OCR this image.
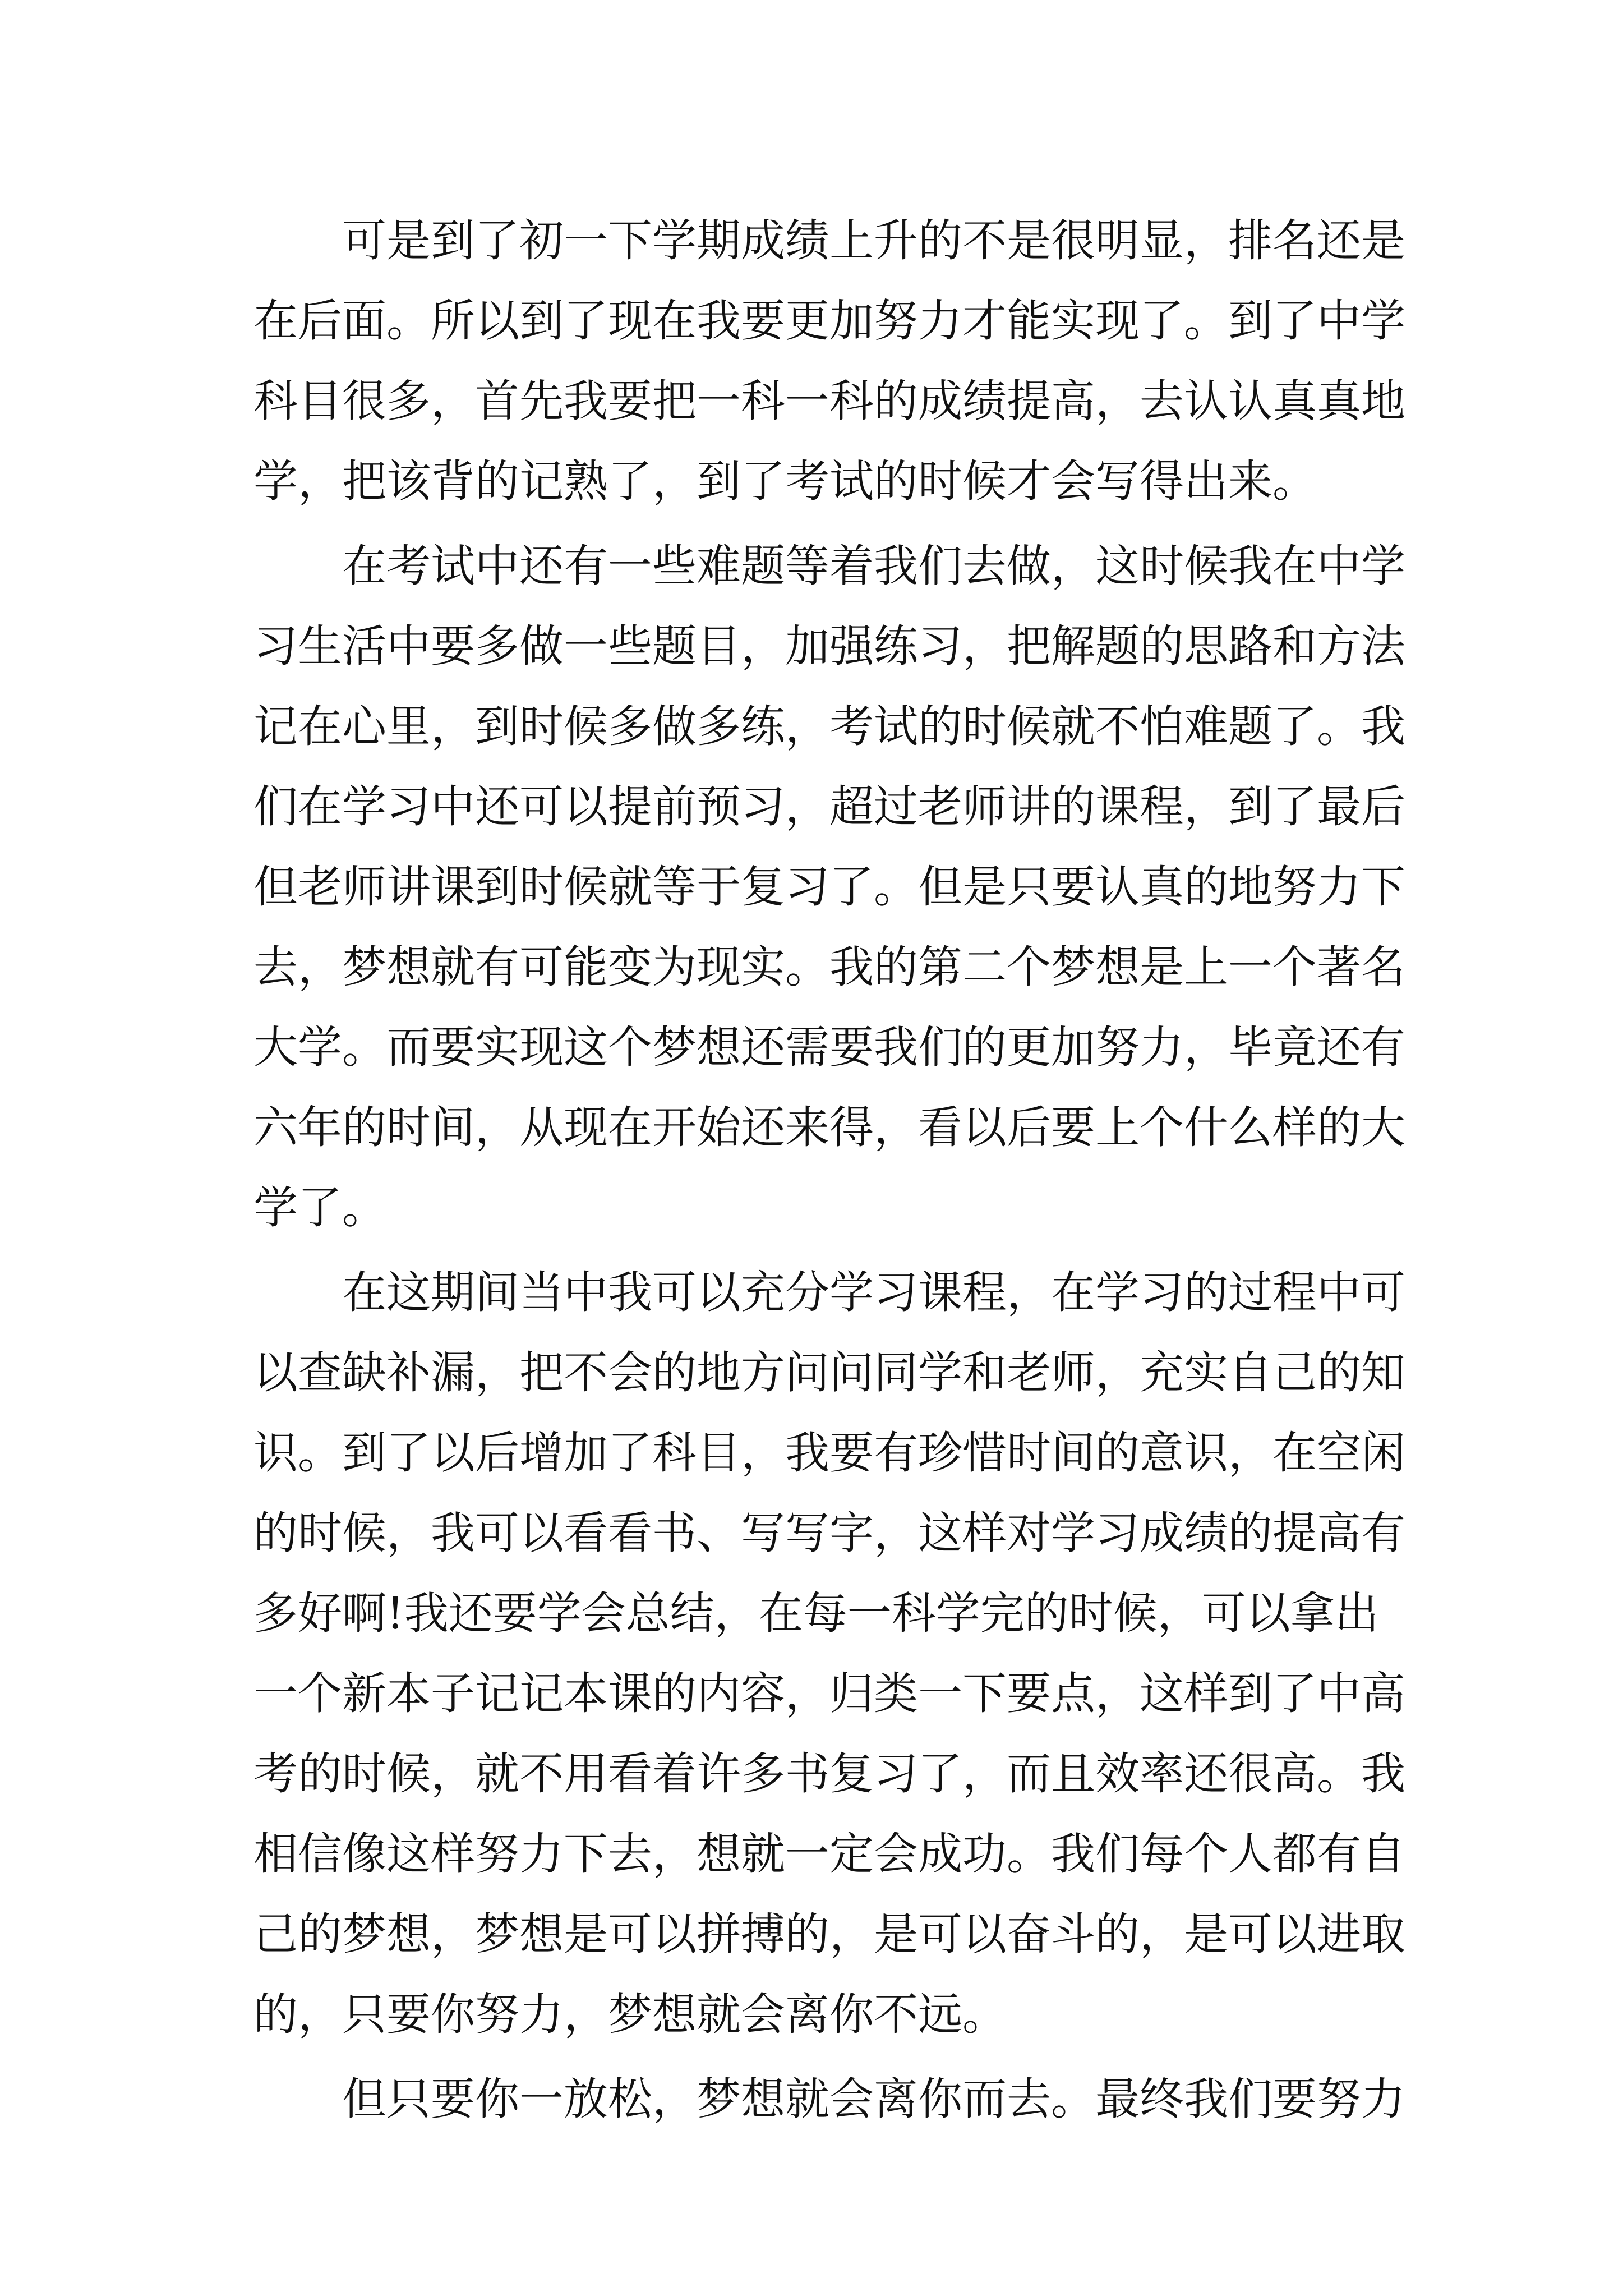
可是到了初一下学期成绩上升的不是很明显，排名还是
在后面。所以到了现在我要更加努力才能实现了。到了中学
科目很多，首先我要把一科一科的成绩提高，去认认真真地
学，把该背的记熟了，到了考试的时候才会写得出来。
在考试中还有一些难题等着我们去做，这时候我在中学
习生活中要多做一些题目，加强练习，把解题的思路和方法
记在心里，到时候多做多练，考试的时候就不怕难题了。我
们在学习中还可以提前预习，超过老师讲的课程，到了最后
但老师讲课到时候就等于复习了。但是只要认真的地努力下
去，梦想就有可能变为现实。我的第二个梦想是上一个著名
大学。而要实现这个梦想还需要我们的更加努力，毕竟还有
六年的时间，从现在开始还来得，看以后要上个什么样的大
学了。
在这期间当中我可以充分学习课程，在学习的过程中可
以查缺补漏，把不会的地方问问同学和老师，充实自己的知
识。到了以后增加了科目，我要有珍惜时间的意识，在空闲
的时候，我可以看看书、写写字，这样对学习成绩的提高有
多好啊!我还要学会总结，在每一科学完的时候，可以拿出
一个新本子记记本课的内容，归类一下要点，这样到了中高
考的时候，就不用看着许多书复习了，而且效率还很高。我
相信像这样努力下去，想就一定会成功。我们每个人都有自
己的梦想，梦想是可以拼搏的，是可以奋斗的，是可以进取
的，只要你努力，梦想就会离你不远。
但只要你一放松，梦想就会离你而去。最终我们要努力
